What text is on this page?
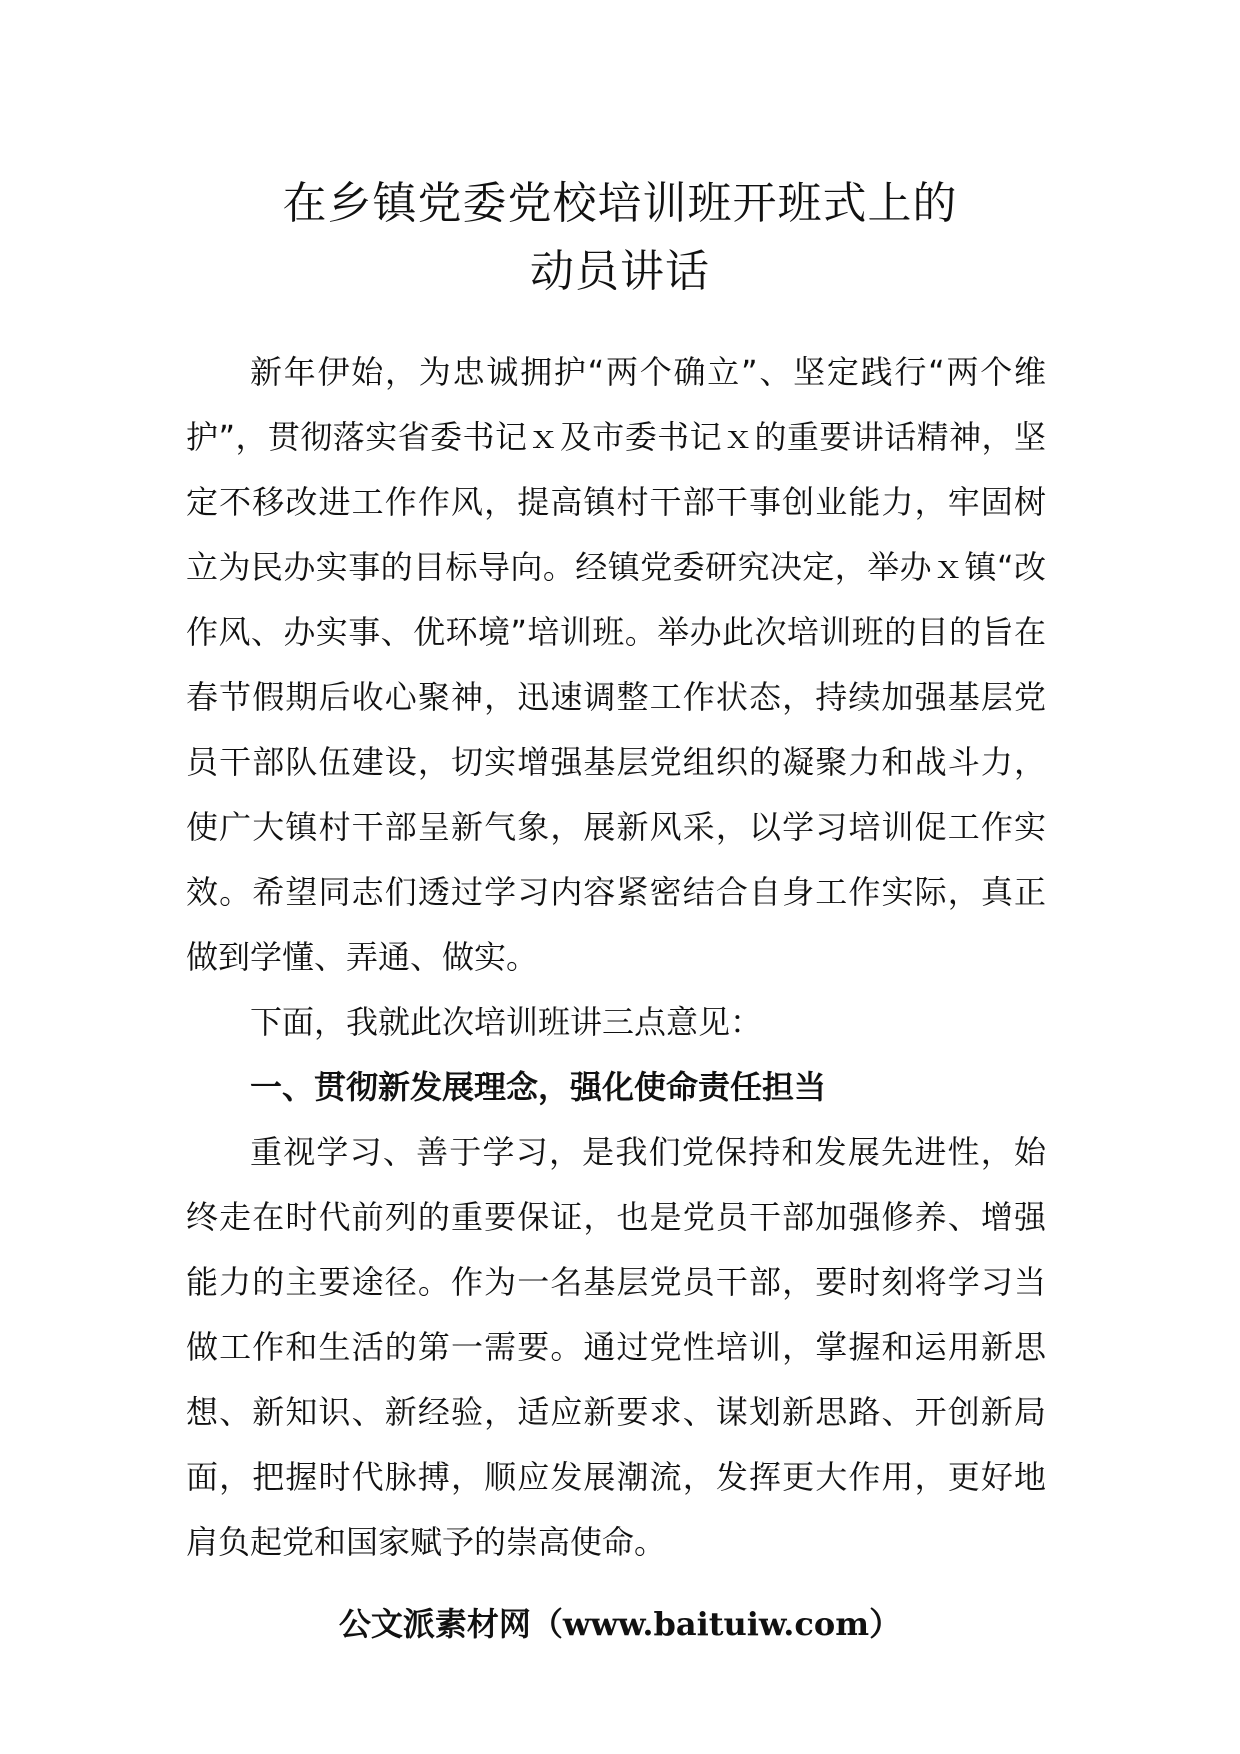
在乡镇党委党校培训班开班式上的
动员讲话

新年伊始，为忠诚拥护“两个确立”、坚定践行“两个维护”，贯彻落实省委书记ｘ及市委书记ｘ的重要讲话精神，坚定不移改进工作作风，提高镇村干部干事创业能力，牢固树立为民办实事的目标导向。经镇党委研究决定，举办ｘ镇“改作风、办实事、优环境”培训班。举办此次培训班的目的旨在春节假期后收心聚神，迅速调整工作状态，持续加强基层党员干部队伍建设，切实增强基层党组织的凝聚力和战斗力，使广大镇村干部呈新气象，展新风采，以学习培训促工作实效。希望同志们透过学习内容紧密结合自身工作实际，真正做到学懂、弄通、做实。

下面，我就此次培训班讲三点意见：

一、贯彻新发展理念，强化使命责任担当

重视学习、善于学习，是我们党保持和发展先进性，始终走在时代前列的重要保证，也是党员干部加强修养、增强能力的主要途径。作为一名基层党员干部，要时刻将学习当做工作和生活的第一需要。通过党性培训，掌握和运用新思想、新知识、新经验，适应新要求、谋划新思路、开创新局面，把握时代脉搏，顺应发展潮流，发挥更大作用，更好地肩负起党和国家赋予的崇高使命。

公文派素材网（www.baituiw.com）
